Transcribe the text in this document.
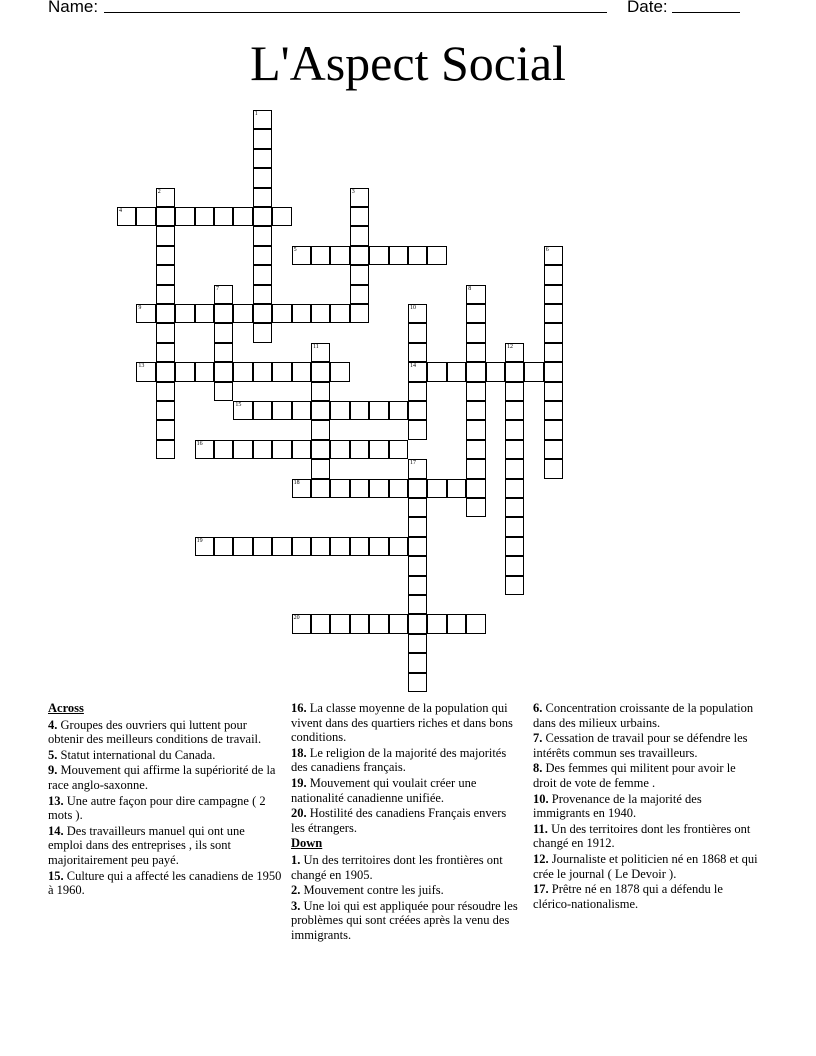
Name:	Date:
L'Aspect Social
1
2	3
4
5	6
7	8
9	10
14
11	12
13
15
16
17
18
19
20
Across
4. Groupes des ouvriers qui luttent pour obtenir des meilleurs conditions de travail.
5. Statut international du Canada.
9. Mouvement qui affirme la supériorité de la race anglo-saxonne.
13. Une autre façon pour dire campagne ( 2 mots ).
14. Des travailleurs manuel qui ont une emploi dans des entreprises , ils sont majoritairement peu payé.
15. Culture qui a affecté les canadiens de 1950 à 1960.
16. La classe moyenne de la population qui vivent dans des quartiers riches et dans bons conditions.
18. Le religion de la majorité des majorités des canadiens français.
19. Mouvement qui voulait créer une nationalité canadienne unifiée.
20. Hostilité des canadiens Français envers les étrangers.
Down
1. Un des territoires dont les frontières ont changé en 1905.
2. Mouvement contre les juifs.
3. Une loi qui est appliquée pour résoudre les problèmes qui sont créées après la venu des immigrants.
6. Concentration croissante de la population dans des milieux urbains.
7. Cessation de travail pour se défendre les intérêts commun ses travailleurs.
8. Des femmes qui militent pour avoir le droit de vote de femme .
10. Provenance de la majorité des immigrants en 1940.
11. Un des territoires dont les frontières ont changé en 1912.
12. Journaliste et politicien né en 1868 et qui crée le journal ( Le Devoir ).
17. Prêtre né en 1878 qui a défendu le clérico-nationalisme.
